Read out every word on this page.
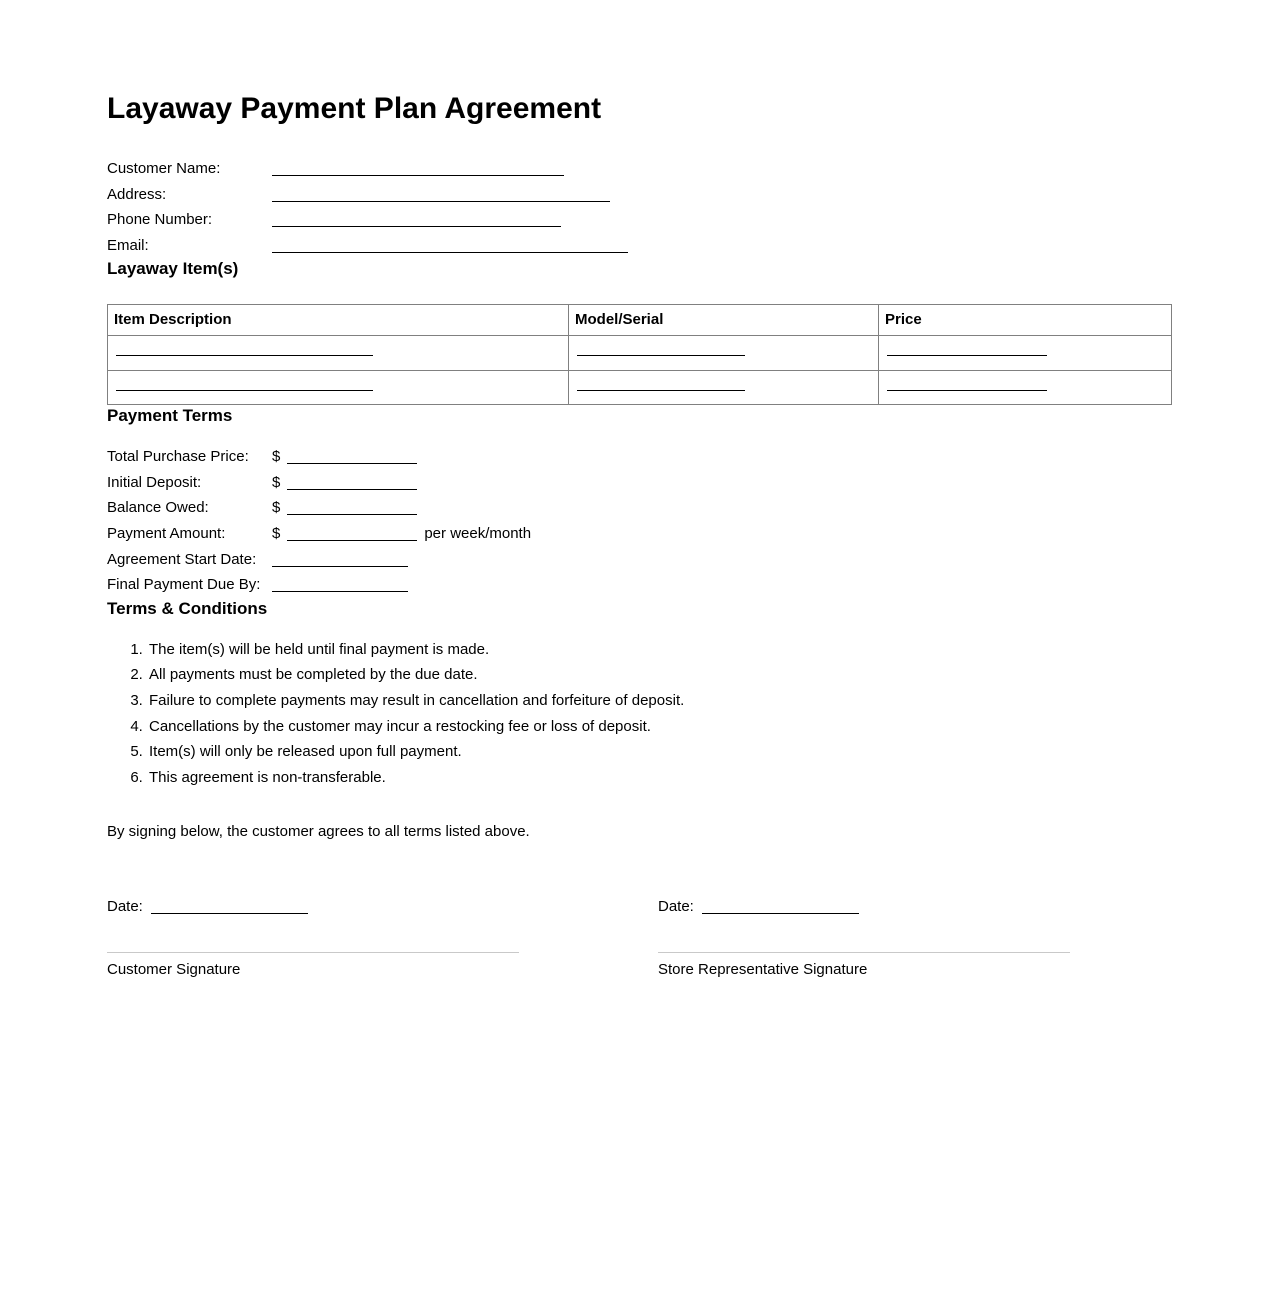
Layaway Payment Plan Agreement
Customer Name:
Address:
Phone Number:
Email:
Layaway Item(s)
Item Description	Model/Serial	Price

Payment Terms
Total Purchase Price: $
Initial Deposit:	$
Balance Owed:	$
Payment Amount:	$	per week/month
Agreement Start Date:
Final Payment Due By:
Terms & Conditions
1. The item(s) will be held until final payment is made.
2. All payments must be completed by the due date.
3. Failure to complete payments may result in cancellation and forfeiture of deposit.
4. Cancellations by the customer may incur a restocking fee or loss of deposit.
5. Item(s) will only be released upon full payment.
6. This agreement is non-transferable.

By signing below, the customer agrees to all terms listed above.

Date:
Customer Signature
Date:
Store Representative Signature
